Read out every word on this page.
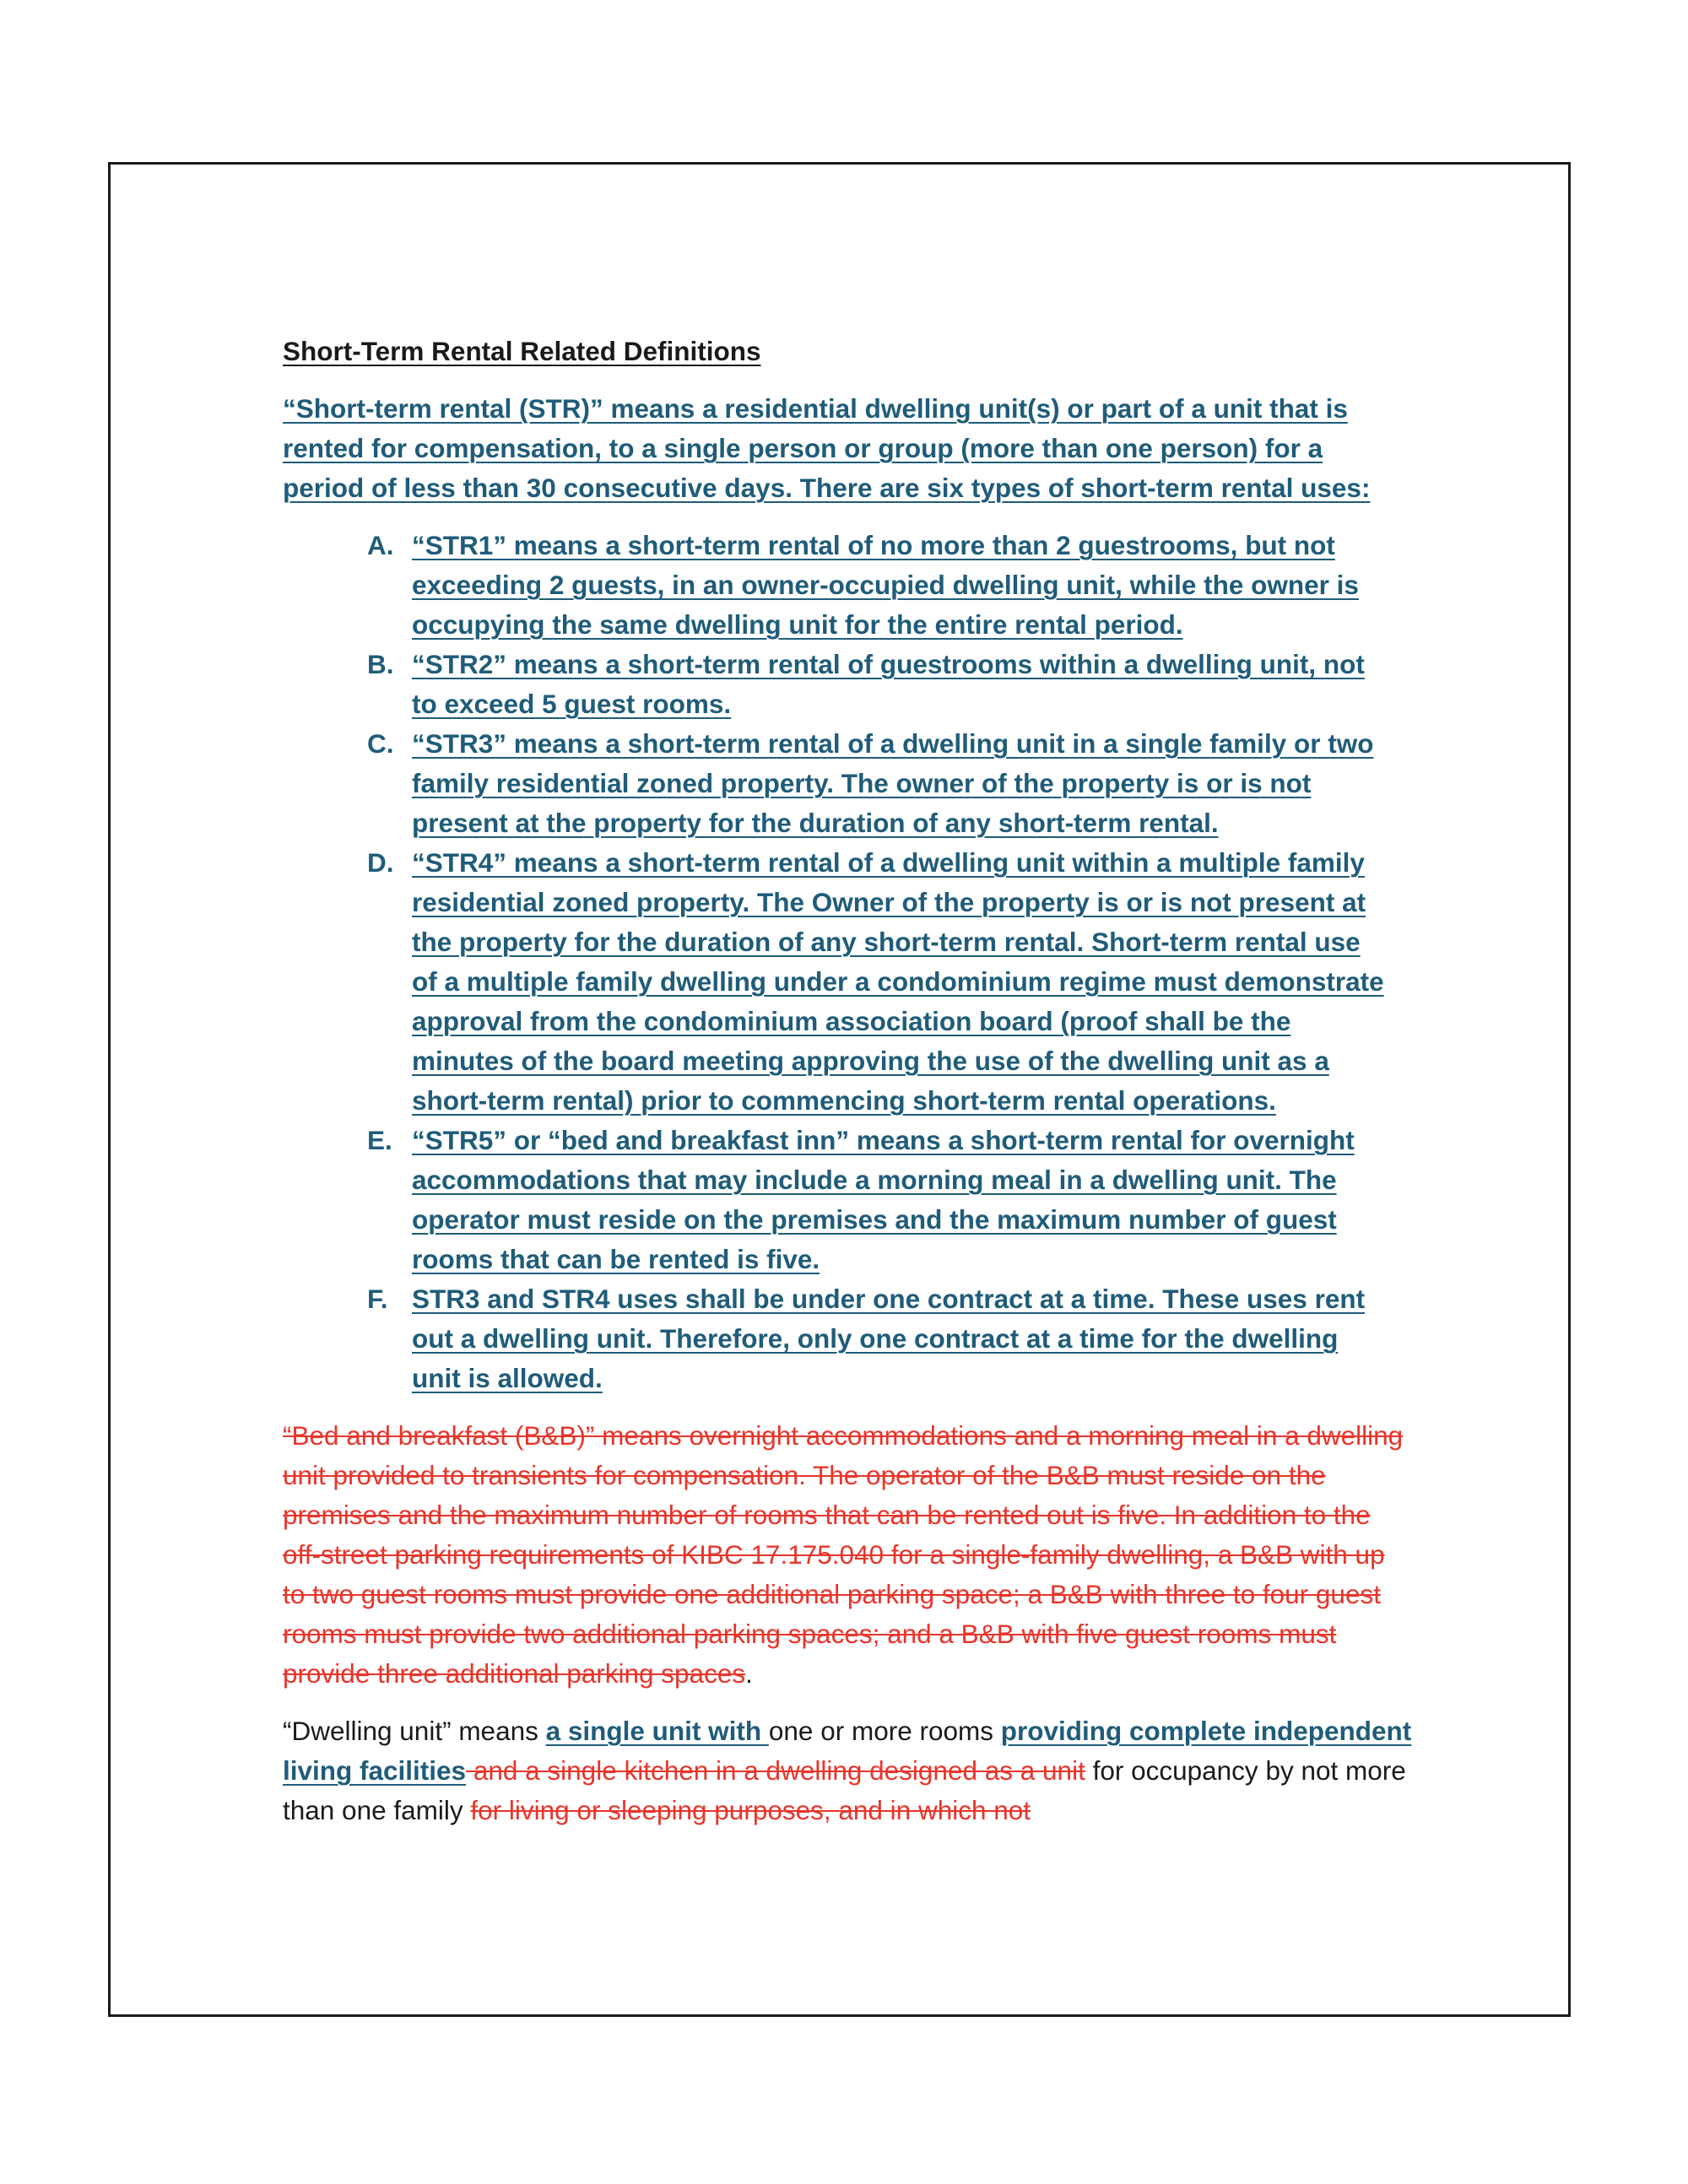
Short-Term Rental Related Definitions

“Short-term rental (STR)” means a residential dwelling unit(s) or part of a unit that is rented for compensation, to a single person or group (more than one person) for a period of less than 30 consecutive days. There are six types of short-term rental uses:

A. “STR1” means a short-term rental of no more than 2 guestrooms, but not exceeding 2 guests, in an owner-occupied dwelling unit, while the owner is occupying the same dwelling unit for the entire rental period.
B. “STR2” means a short-term rental of guestrooms within a dwelling unit, not to exceed 5 guest rooms.
C. “STR3” means a short-term rental of a dwelling unit in a single family or two family residential zoned property. The owner of the property is or is not present at the property for the duration of any short-term rental.
D. “STR4” means a short-term rental of a dwelling unit within a multiple family residential zoned property. The Owner of the property is or is not present at the property for the duration of any short-term rental. Short-term rental use of a multiple family dwelling under a condominium regime must demonstrate approval from the condominium association board (proof shall be the minutes of the board meeting approving the use of the dwelling unit as a short-term rental) prior to commencing short-term rental operations.
E. “STR5” or “bed and breakfast inn” means a short-term rental for overnight accommodations that may include a morning meal in a dwelling unit. The operator must reside on the premises and the maximum number of guest rooms that can be rented is five.
F. STR3 and STR4 uses shall be under one contract at a time. These uses rent out a dwelling unit. Therefore, only one contract at a time for the dwelling unit is allowed.

“Bed and breakfast (B&B)” means overnight accommodations and a morning meal in a dwelling unit provided to transients for compensation. The operator of the B&B must reside on the premises and the maximum number of rooms that can be rented out is five. In addition to the off-street parking requirements of KIBC 17.175.040 for a single-family dwelling, a B&B with up to two guest rooms must provide one additional parking space; a B&B with three to four guest rooms must provide two additional parking spaces; and a B&B with five guest rooms must provide three additional parking spaces.

“Dwelling unit” means a single unit with one or more rooms providing complete independent living facilities and a single kitchen in a dwelling designed as a unit for occupancy by not more than one family for living or sleeping purposes, and in which not
